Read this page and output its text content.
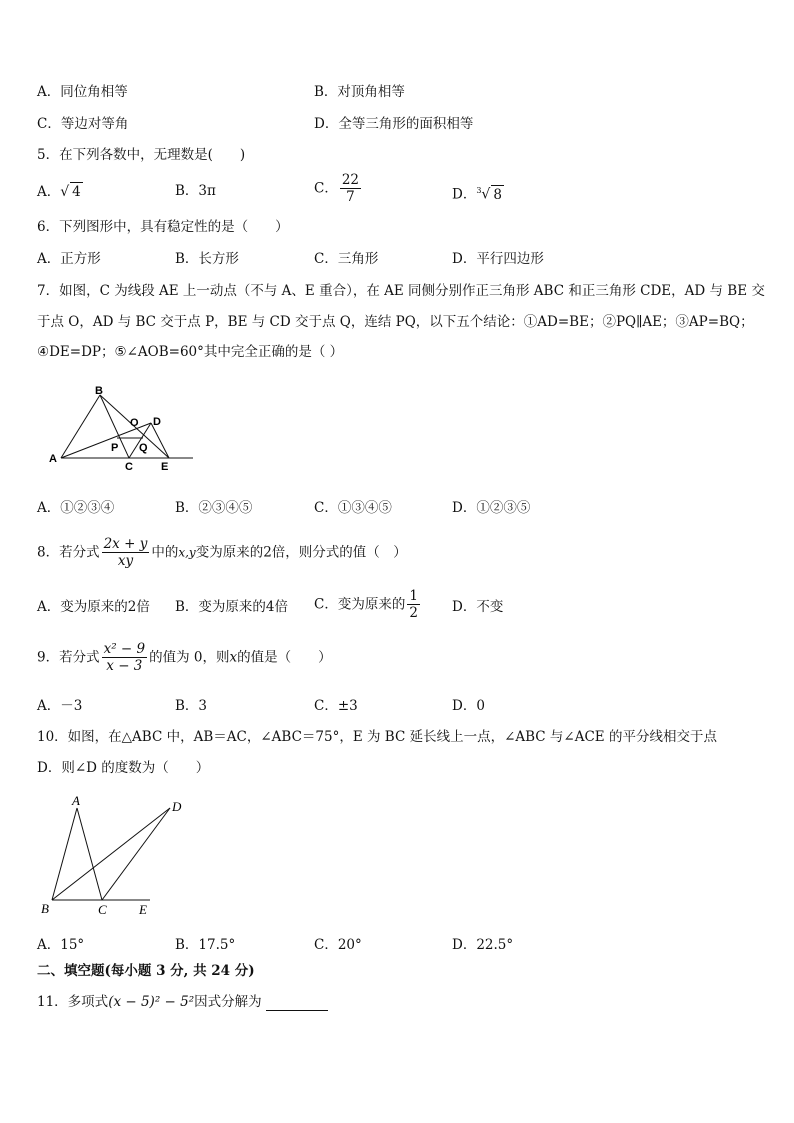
A．同位角相等	B．对顶角相等
C．等边对等角	D．全等三角形的面积相等
5．在下列各数中，无理数是(　　)
A．√ 4	B．3π	C． $\frac{22}{7}$	D．$^3$√ 8
6．下列图形中，具有稳定性的是（　　）
A．正方形	B．长方形	C．三角形	D．平行四边形
7．如图，C 为线段 AE 上一动点（不与 A、E 重合），在 AE 同侧分别作正三角形 ABC 和正三角形 CDE，AD 与 BE 交
于点 O，AD 与 BC 交于点 P，BE 与 CD 交于点 Q，连结 PQ，以下五个结论：①AD=BE；②PQ∥AE；③AP=BQ；
④DE=DP；⑤∠AOB=60°其中完全正确的是（ ）
A
B
C
D
E
O
P Q
A．①②③④	B．②③④⑤	C．①③④⑤	D．①②③⑤
8．若分式 $\frac{2x + y}{xy}$ 中的x,y变为原来的2倍，则分式的值（　）
A．变为原来的2倍 B．变为原来的4倍 C．变为原来的 $\frac{1}{2}$ D．不变
9．若分式 $\frac{\text{x² − 9}}{x - 3}$ 的值为 0，则x的值是（　　）
A．－3	B．3	C．±3	D．0
10．如图，在△ABC 中，AB＝AC，∠ABC＝75°，E 为 BC 延长线上一点，∠ABC 与∠ACE 的平分线相交于点
D．则∠D 的度数为（　　）
A
B	C
D
E
A．15°	B．17.5°	C．20°	D．22.5°
二、填空题(每小题 3 分, 共 24 分)
11．多项式(x − 5)² − 5²因式分解为
